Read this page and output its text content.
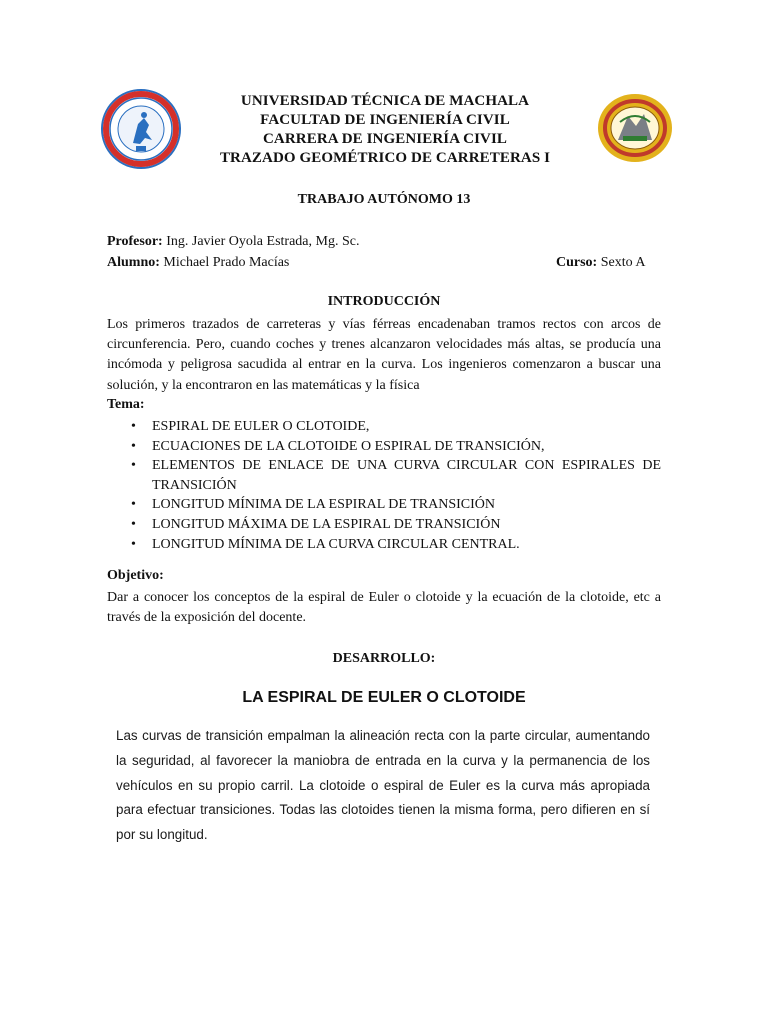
UNIVERSIDAD TÉCNICA DE MACHALA
FACULTAD DE INGENIERÍA CIVIL
CARRERA DE INGENIERÍA CIVIL
TRAZADO GEOMÉTRICO DE CARRETERAS I
TRABAJO AUTÓNOMO 13
Profesor: Ing. Javier Oyola Estrada, Mg. Sc.
Alumno: Michael Prado Macías	Curso: Sexto A
INTRODUCCIÓN

Los primeros trazados de carreteras y vías férreas encadenaban tramos rectos con arcos de circunferencia. Pero, cuando coches y trenes alcanzaron velocidades más altas, se producía una incómoda y peligrosa sacudida al entrar en la curva. Los ingenieros comenzaron a buscar una solución, y la encontraron en las matemáticas y la física

Tema:
• ESPIRAL DE EULER O CLOTOIDE,
• ECUACIONES DE LA CLOTOIDE O ESPIRAL DE TRANSICIÓN,
• ELEMENTOS DE ENLACE DE UNA CURVA CIRCULAR CON ESPIRALES DE TRANSICIÓN
• LONGITUD MÍNIMA DE LA ESPIRAL DE TRANSICIÓN
• LONGITUD MÁXIMA DE LA ESPIRAL DE TRANSICIÓN
• LONGITUD MÍNIMA DE LA CURVA CIRCULAR CENTRAL.
Objetivo:

Dar a conocer los conceptos de la espiral de Euler o clotoide y la ecuación de la clotoide, etc a través de la exposición del docente.

DESARROLLO:
LA ESPIRAL DE EULER O CLOTOIDE

Las curvas de transición empalman la alineación recta con la parte circular, aumentando la seguridad, al favorecer la maniobra de entrada en la curva y la permanencia de los vehículos en su propio carril. La clotoide o espiral de Euler es la curva más apropiada para efectuar transiciones. Todas las clotoides tienen la misma forma, pero difieren en sí por su longitud.
